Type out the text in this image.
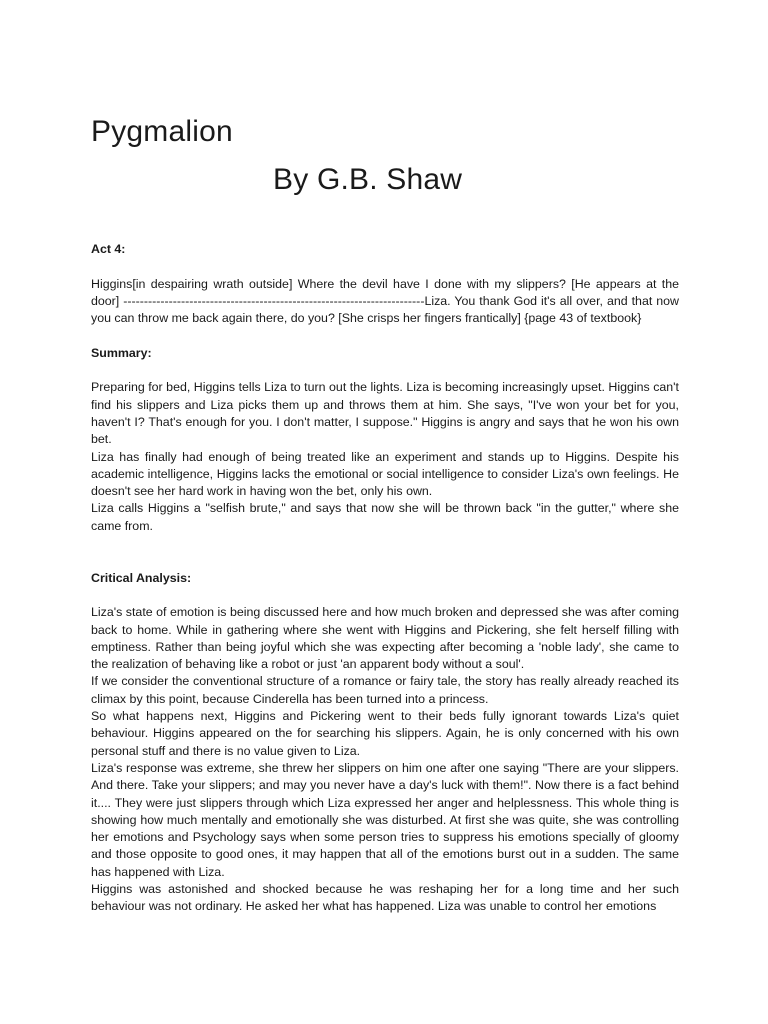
Pygmalion
By G.B. Shaw

Act 4:

Higgins[in despairing wrath outside] Where the devil have I done with my slippers? [He appears at the door] -------------------------------------------------------------------------Liza. You thank God it's all over, and that now you can throw me back again there, do you? [She crisps her fingers frantically] {page 43 of textbook}

Summary:

Preparing for bed, Higgins tells Liza to turn out the lights. Liza is becoming increasingly upset. Higgins can't find his slippers and Liza picks them up and throws them at him. She says, "I've won your bet for you, haven't I? That's enough for you. I don't matter, I suppose." Higgins is angry and says that he won his own bet.

Liza has finally had enough of being treated like an experiment and stands up to Higgins. Despite his academic intelligence, Higgins lacks the emotional or social intelligence to consider Liza's own feelings. He doesn't see her hard work in having won the bet, only his own.

Liza calls Higgins a "selfish brute," and says that now she will be thrown back "in the gutter," where she came from.

Critical Analysis:

Liza's state of emotion is being discussed here and how much broken and depressed she was after coming back to home. While in gathering where she went with Higgins and Pickering, she felt herself filling with emptiness. Rather than being joyful which she was expecting after becoming a 'noble lady', she came to the realization of behaving like a robot or just 'an apparent body without a soul'.

If we consider the conventional structure of a romance or fairy tale, the story has really already reached its climax by this point, because Cinderella has been turned into a princess.

So what happens next, Higgins and Pickering went to their beds fully ignorant towards Liza's quiet behaviour. Higgins appeared on the for searching his slippers. Again, he is only concerned with his own personal stuff and there is no value given to Liza.

Liza's response was extreme, she threw her slippers on him one after one saying "There are your slippers. And there. Take your slippers; and may you never have a day's luck with them!". Now there is a fact behind it.... They were just slippers through which Liza expressed her anger and helplessness. This whole thing is showing how much mentally and emotionally she was disturbed. At first she was quite, she was controlling her emotions and Psychology says when some person tries to suppress his emotions specially of gloomy and those opposite to good ones, it may happen that all of the emotions burst out in a sudden. The same has happened with Liza.

Higgins was astonished and shocked because he was reshaping her for a long time and her such behaviour was not ordinary. He asked her what has happened. Liza was unable to control her emotions
